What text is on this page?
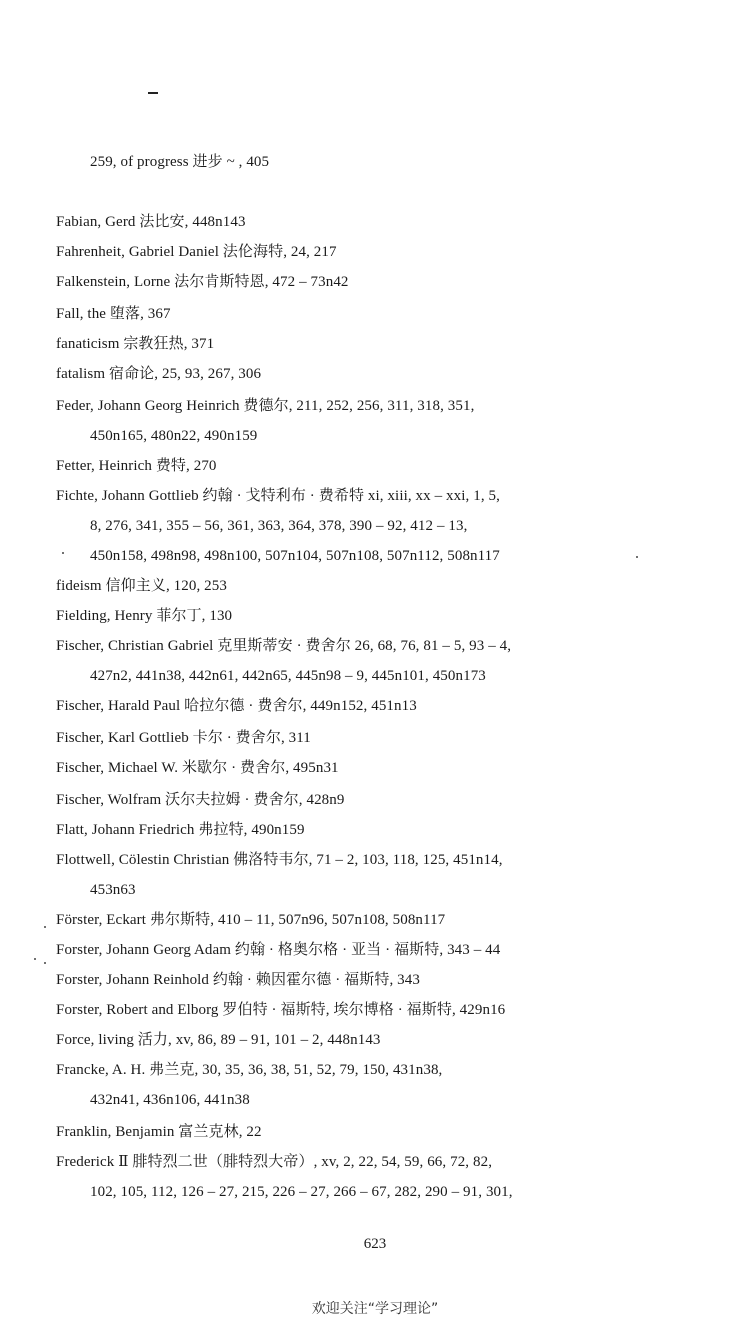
259, of progress 进步 ~ , 405
Fabian, Gerd 法比安, 448n143
Fahrenheit, Gabriel Daniel 法伦海特, 24, 217
Falkenstein, Lorne 法尔肯斯特恩, 472 – 73n42
Fall, the 堕落, 367
fanaticism 宗教狂热, 371
fatalism 宿命论, 25, 93, 267, 306
Feder, Johann Georg Heinrich 费德尔, 211, 252, 256, 311, 318, 351,
450n165, 480n22, 490n159
Fetter, Heinrich 费特, 270
Fichte, Johann Gottlieb 约翰 · 戈特利布 · 费希特 xi, xiii, xx – xxi, 1, 5,
8, 276, 341, 355 – 56, 361, 363, 364, 378, 390 – 92, 412 – 13,
450n158, 498n98, 498n100, 507n104, 507n108, 507n112, 508n117
fideism 信仰主义, 120, 253
Fielding, Henry 菲尔丁, 130
Fischer, Christian Gabriel 克里斯蒂安 · 费舍尔 26, 68, 76, 81 – 5, 93 – 4,
427n2, 441n38, 442n61, 442n65, 445n98 – 9, 445n101, 450n173
Fischer, Harald Paul 哈拉尔德 · 费舍尔, 449n152, 451n13
Fischer, Karl Gottlieb 卡尔 · 费舍尔, 311
Fischer, Michael W. 米歇尔 · 费舍尔, 495n31
Fischer, Wolfram 沃尔夫拉姆 · 费舍尔, 428n9
Flatt, Johann Friedrich 弗拉特, 490n159
Flottwell, Cölestin Christian 佛洛特韦尔, 71 – 2, 103, 118, 125, 451n14,
453n63
Förster, Eckart 弗尔斯特, 410 – 11, 507n96, 507n108, 508n117
Forster, Johann Georg Adam 约翰 · 格奥尔格 · 亚当 · 福斯特, 343 – 44
Forster, Johann Reinhold 约翰 · 赖因霍尔德 · 福斯特, 343
Forster, Robert and Elborg 罗伯特 · 福斯特, 埃尔博格 · 福斯特, 429n16
Force, living 活力, xv, 86, 89 – 91, 101 – 2, 448n143
Francke, A. H. 弗兰克, 30, 35, 36, 38, 51, 52, 79, 150, 431n38,
432n41, 436n106, 441n38
Franklin, Benjamin 富兰克林, 22
Frederick Ⅱ 腓特烈二世（腓特烈大帝）, xv, 2, 22, 54, 59, 66, 72, 82,
102, 105, 112, 126 – 27, 215, 226 – 27, 266 – 67, 282, 290 – 91, 301,
623
欢迎关注“学习理论”
